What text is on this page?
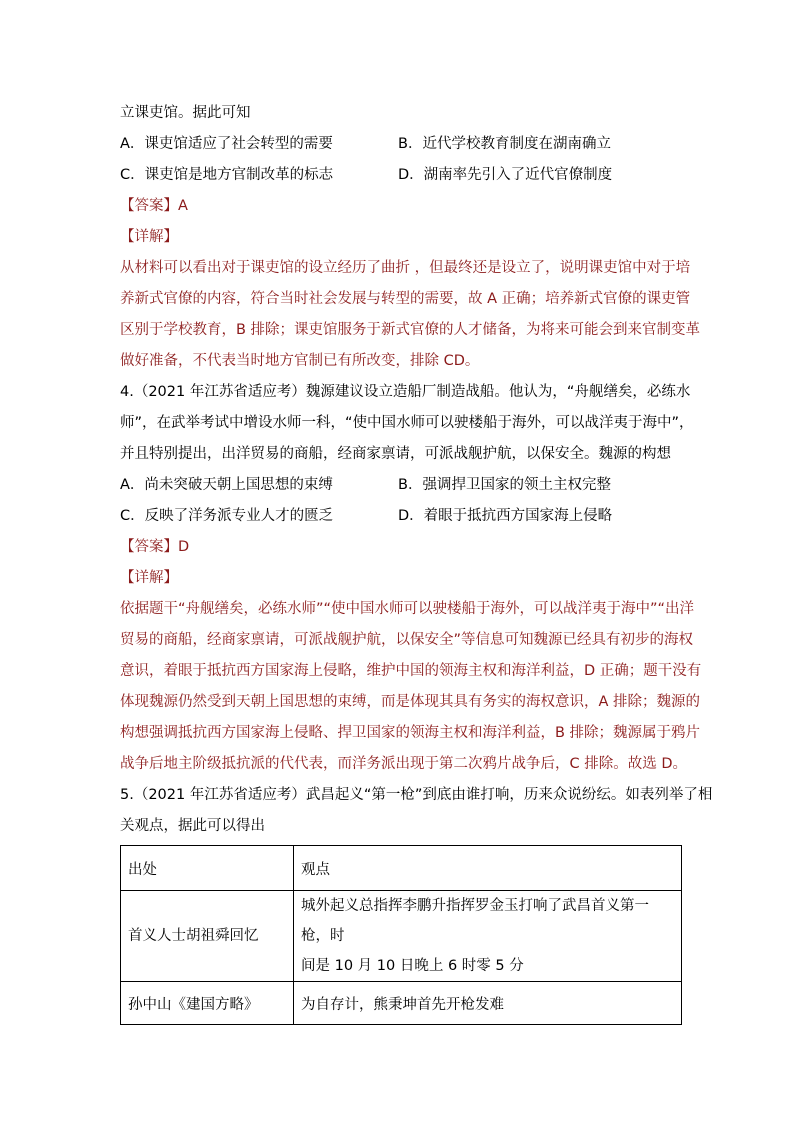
立课吏馆。据此可知
A．课吏馆适应了社会转型的需要	B．近代学校教育制度在湖南确立
C．课吏馆是地方官制改革的标志	D．湖南率先引入了近代官僚制度
【答案】A
【详解】
从材料可以看出对于课吏馆的设立经历了曲折 ，但最终还是设立了，说明课吏馆中对于培
养新式官僚的内容，符合当时社会发展与转型的需要，故 A 正确；培养新式官僚的课吏管
区别于学校教育，B 排除；课吏馆服务于新式官僚的人才储备，为将来可能会到来官制变革
做好准备，不代表当时地方官制已有所改变，排除 CD。
4.（2021 年江苏省适应考）魏源建议设立造船厂制造战船。他认为，“舟舰缮矣，必练水
师”，在武举考试中增设水师一科，“使中国水师可以驶楼船于海外，可以战洋夷于海中”，
并且特别提出，出洋贸易的商船，经商家禀请，可派战舰护航，以保安全。魏源的构想
A．尚未突破天朝上国思想的束缚	B．强调捍卫国家的领土主权完整
C．反映了洋务派专业人才的匮乏	D．着眼于抵抗西方国家海上侵略
【答案】D
【详解】
依据题干“舟舰缮矣，必练水师”“使中国水师可以驶楼船于海外，可以战洋夷于海中”“出洋
贸易的商船，经商家禀请，可派战舰护航，以保安全”等信息可知魏源已经具有初步的海权
意识，着眼于抵抗西方国家海上侵略，维护中国的领海主权和海洋利益，D 正确；题干没有
体现魏源仍然受到天朝上国思想的束缚，而是体现其具有务实的海权意识，A 排除；魏源的
构想强调抵抗西方国家海上侵略、捍卫国家的领海主权和海洋利益，B 排除；魏源属于鸦片
战争后地主阶级抵抗派的代代表，而洋务派出现于第二次鸦片战争后，C 排除。故选 D。
5.（2021 年江苏省适应考）武昌起义“第一枪”到底由谁打响，历来众说纷纭。如表列举了相
关观点，据此可以得出
出处	观点
首义人士胡祖舜回忆	城外起义总指挥李鹏升指挥罗金玉打响了武昌首义第一枪，时
间是 10 月 10 日晚上 6 时零 5 分

孙中山《建国方略》	为自存计，熊秉坤首先开枪发难
